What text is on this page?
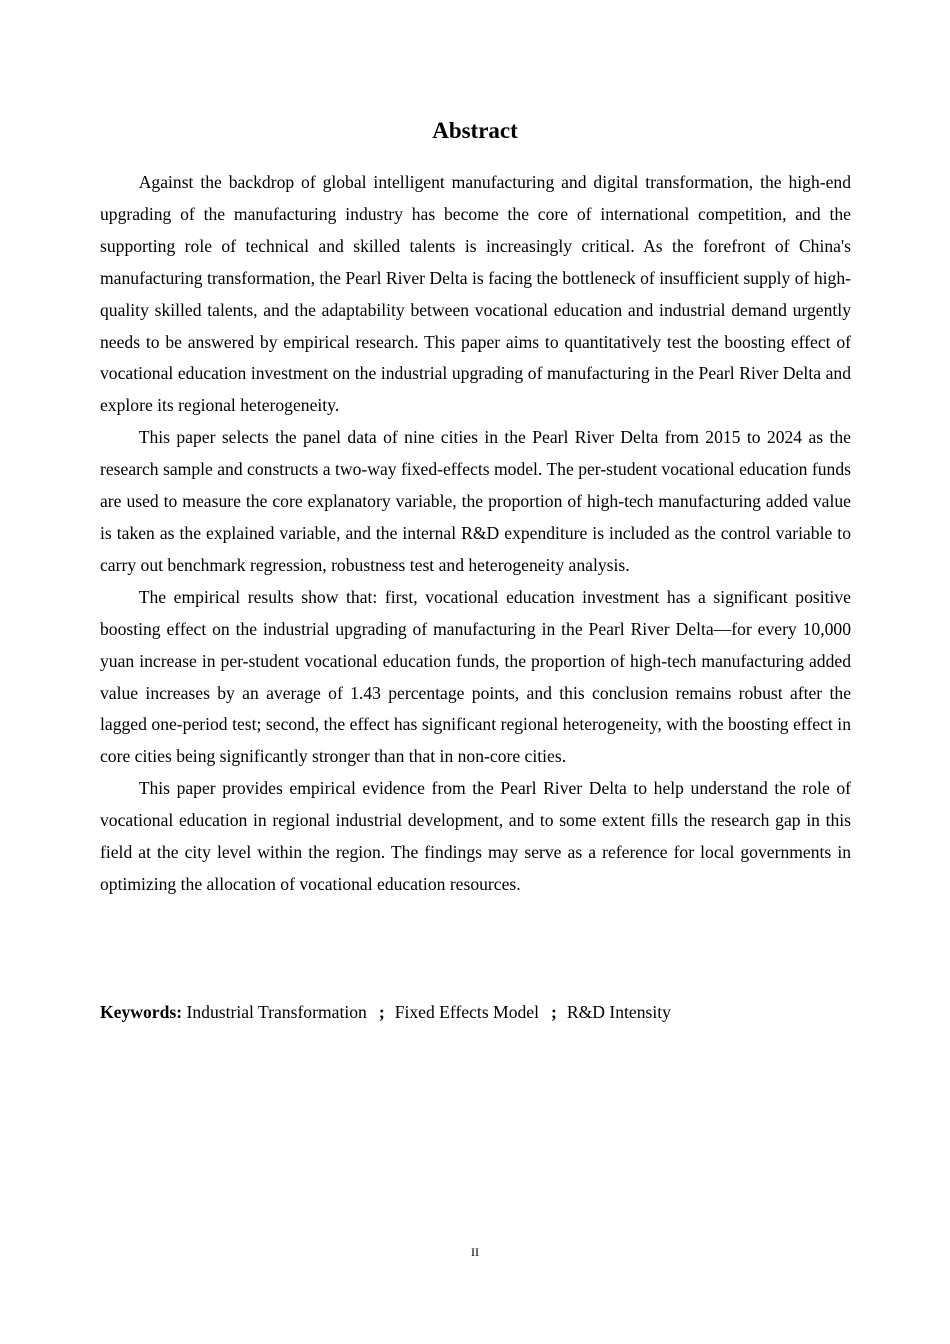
Abstract

Against the backdrop of global intelligent manufacturing and digital transformation, the high-end upgrading of the manufacturing industry has become the core of international competition, and the supporting role of technical and skilled talents is increasingly critical. As the forefront of China's manufacturing transformation, the Pearl River Delta is facing the bottleneck of insufficient supply of high-quality skilled talents, and the adaptability between vocational education and industrial demand urgently needs to be answered by empirical research. This paper aims to quantitatively test the boosting effect of vocational education investment on the industrial upgrading of manufacturing in the Pearl River Delta and explore its regional heterogeneity.

This paper selects the panel data of nine cities in the Pearl River Delta from 2015 to 2024 as the research sample and constructs a two-way fixed-effects model. The per-student vocational education funds are used to measure the core explanatory variable, the proportion of high-tech manufacturing added value is taken as the explained variable, and the internal R&D expenditure is included as the control variable to carry out benchmark regression, robustness test and heterogeneity analysis.

The empirical results show that: first, vocational education investment has a significant positive boosting effect on the industrial upgrading of manufacturing in the Pearl River Delta—for every 10,000 yuan increase in per-student vocational education funds, the proportion of high-tech manufacturing added value increases by an average of 1.43 percentage points, and this conclusion remains robust after the lagged one-period test; second, the effect has significant regional heterogeneity, with the boosting effect in core cities being significantly stronger than that in non-core cities.

This paper provides empirical evidence from the Pearl River Delta to help understand the role of vocational education in regional industrial development, and to some extent fills the research gap in this field at the city level within the region. The findings may serve as a reference for local governments in optimizing the allocation of vocational education resources.

Keywords: Industrial Transformation ; Fixed Effects Model ; R&D Intensity

II
